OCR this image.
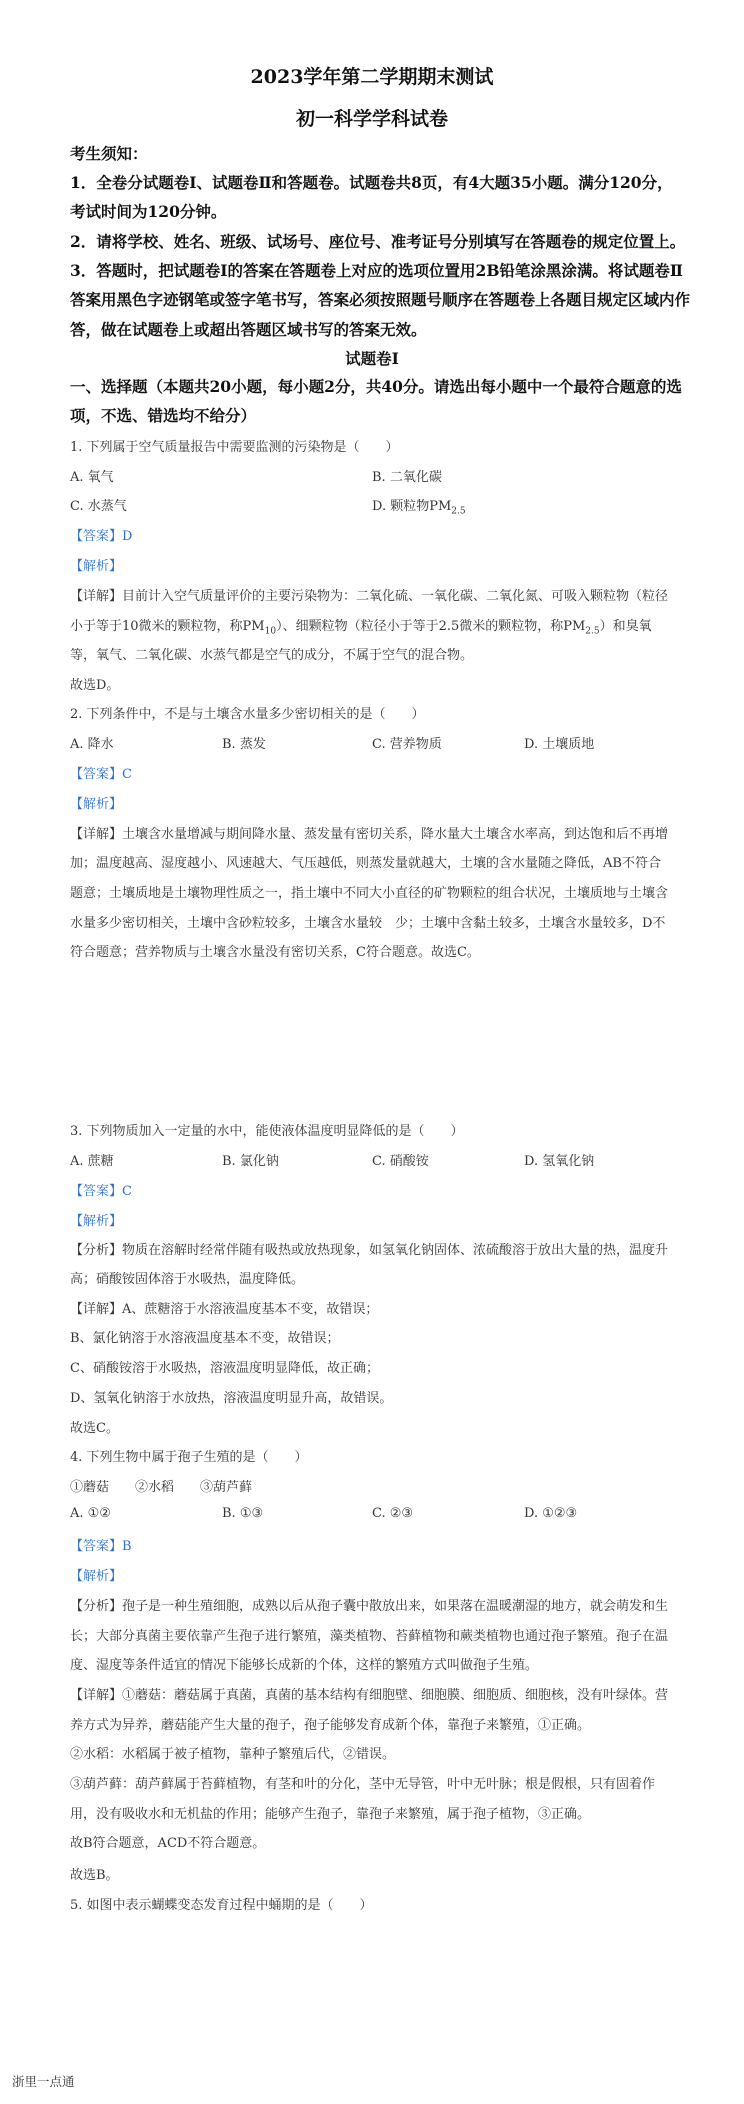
2023学年第二学期期末测试
初一科学学科试卷
考生须知：
1．全卷分试题卷Ⅰ、试题卷Ⅱ和答题卷。试题卷共8页，有4大题35小题。满分120分，
考试时间为120分钟。
2．请将学校、姓名、班级、试场号、座位号、准考证号分别填写在答题卷的规定位置上。
3．答题时，把试题卷Ⅰ的答案在答题卷上对应的选项位置用2B铅笔涂黑涂满。将试题卷Ⅱ
答案用黑色字迹钢笔或签字笔书写，答案必须按照题号顺序在答题卷上各题目规定区域内作
答，做在试题卷上或超出答题区域书写的答案无效。
试题卷Ⅰ
一、选择题（本题共20小题，每小题2分，共40分。请选出每小题中一个最符合题意的选
项，不选、错选均不给分）
1. 下列属于空气质量报告中需要监测的污染物是（　　）
A. 氧气	B. 二氧化碳
C. 水蒸气	D. 颗粒物$PM_{2.5}$
【答案】D
【解析】
【详解】目前计入空气质量评价的主要污染物为：二氧化硫、一氧化碳、二氧化氮、可吸入颗粒物（粒径
小于等于10微米的颗粒物，称$PM_{10}$）、细颗粒物（粒径小于等于2.5微米的颗粒物，称$PM_{2.5}$）和臭氧
等，氧气、二氧化碳、水蒸气都是空气的成分，不属于空气的混合物。
故选D。
2. 下列条件中，不是与土壤含水量多少密切相关的是（　　）
A. 降水	B. 蒸发	C. 营养物质	D. 土壤质地
【答案】C
【解析】
【详解】土壤含水量增减与期间降水量、蒸发量有密切关系，降水量大土壤含水率高，到达饱和后不再增
加；温度越高、湿度越小、风速越大、气压越低，则蒸发量就越大，土壤的含水量随之降低，AB不符合
题意；土壤质地是土壤物理性质之一，指土壤中不同大小直径的矿物颗粒的组合状况，土壤质地与土壤含
水量多少密切相关，土壤中含砂粒较多，土壤含水量较　少；土壤中含黏土较多，土壤含水量较多，D不
符合题意；营养物质与土壤含水量没有密切关系，C符合题意。故选C。
3. 下列物质加入一定量的水中，能使液体温度明显降低的是（　　）
A. 蔗糖	B. 氯化钠	C. 硝酸铵	D. 氢氧化钠
【答案】C
【解析】
【分析】物质在溶解时经常伴随有吸热或放热现象，如氢氧化钠固体、浓硫酸溶于放出大量的热，温度升
高；硝酸铵固体溶于水吸热，温度降低。
【详解】A、蔗糖溶于水溶液温度基本不变，故错误；
B、氯化钠溶于水溶液温度基本不变，故错误；
C、硝酸铵溶于水吸热，溶液温度明显降低，故正确；
D、氢氧化钠溶于水放热，溶液温度明显升高，故错误。
故选C。
4. 下列生物中属于孢子生殖的是（　　）
①蘑菇　　②水稻　　③葫芦藓
A. ①②	B. ①③	C. ②③	D. ①②③
【答案】B
【解析】
【分析】孢子是一种生殖细胞，成熟以后从孢子囊中散放出来，如果落在温暖潮湿的地方，就会萌发和生
长；大部分真菌主要依靠产生孢子进行繁殖，藻类植物、苔藓植物和蕨类植物也通过孢子繁殖。孢子在温
度、湿度等条件适宜的情况下能够长成新的个体，这样的繁殖方式叫做孢子生殖。
【详解】①蘑菇：蘑菇属于真菌，真菌的基本结构有细胞壁、细胞膜、细胞质、细胞核，没有叶绿体。营
养方式为异养，蘑菇能产生大量的孢子，孢子能够发育成新个体，靠孢子来繁殖，①正确。
②水稻：水稻属于被子植物，靠种子繁殖后代，②错误。
③葫芦藓：葫芦藓属于苔藓植物，有茎和叶的分化，茎中无导管，叶中无叶脉；根是假根，只有固着作
用，没有吸收水和无机盐的作用；能够产生孢子，靠孢子来繁殖，属于孢子植物，③正确。
故B符合题意，ACD不符合题意。
故选B。
5. 如图中表示蝴蝶变态发育过程中蛹期的是（　　）
浙里一点通
